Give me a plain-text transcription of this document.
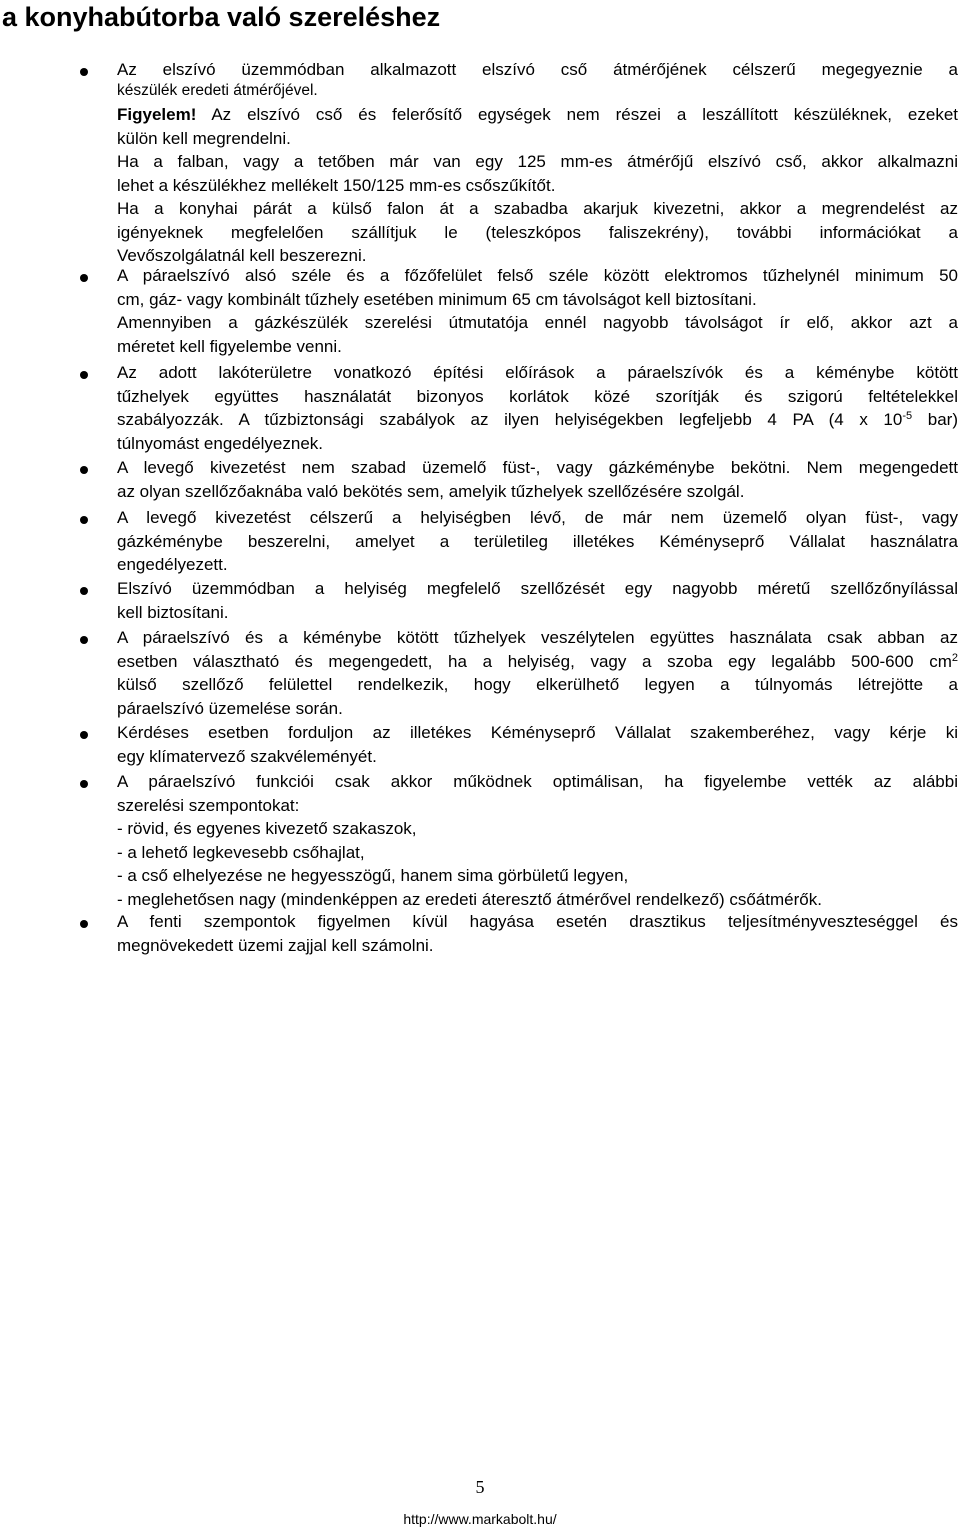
a konyhabútorba való szereléshez
Az elszívó üzemmódban alkalmazott elszívó cső átmérőjének célszerű megegyeznie a
készülék eredeti átmérőjével.
Figyelem! Az elszívó cső és felerősítő egységek nem részei a leszállított készüléknek, ezeket
külön kell megrendelni.
Ha a falban, vagy a tetőben már van egy 125 mm-es átmérőjű elszívó cső, akkor alkalmazni
lehet a készülékhez mellékelt 150/125 mm-es csőszűkítőt.
Ha a konyhai párát a külső falon át a szabadba akarjuk kivezetni, akkor a megrendelést az
igényeknek megfelelően szállítjuk le (teleszkópos faliszekrény), további információkat a
Vevőszolgálatnál kell beszerezni.
A páraelszívó alsó széle és a főzőfelület felső széle között elektromos tűzhelynél minimum 50
cm, gáz- vagy kombinált tűzhely esetében minimum 65 cm távolságot kell biztosítani.
Amennyiben a gázkészülék szerelési útmutatója ennél nagyobb távolságot ír elő, akkor azt a
méretet kell figyelembe venni.
Az adott lakóterületre vonatkozó építési előírások a páraelszívók és a kéménybe kötött
tűzhelyek együttes használatát bizonyos korlátok közé szorítják és szigorú feltételekkel
szabályozzák. A tűzbiztonsági szabályok az ilyen helyiségekben legfeljebb 4 PA (4 x $10^{-5}$ bar)
túlnyomást engedélyeznek.
A levegő kivezetést nem szabad üzemelő füst-, vagy gázkéménybe bekötni. Nem megengedett
az olyan szellőzőaknába való bekötés sem, amelyik tűzhelyek szellőzésére szolgál.
A levegő kivezetést célszerű a helyiségben lévő, de már nem üzemelő olyan füst-, vagy
gázkéménybe beszerelni, amelyet a területileg illetékes Kéményseprő Vállalat használatra
engedélyezett.
Elszívó üzemmódban a helyiség megfelelő szellőzését egy nagyobb méretű szellőzőnyílással
kell biztosítani.
A páraelszívó és a kéménybe kötött tűzhelyek veszélytelen együttes használata csak abban az
esetben választható és megengedett, ha a helyiség, vagy a szoba egy legalább 500-600 $cm^2$
külső szellőző felülettel rendelkezik, hogy elkerülhető legyen a túlnyomás létrejötte a
páraelszívó üzemelése során.
Kérdéses esetben forduljon az illetékes Kéményseprő Vállalat szakemberéhez, vagy kérje ki
egy klímatervező szakvéleményét.
A páraelszívó funkciói csak akkor működnek optimálisan, ha figyelembe vették az alábbi
szerelési szempontokat:
- rövid, és egyenes kivezető szakaszok,
- a lehető legkevesebb csőhajlat,
- a cső elhelyezése ne hegyesszögű, hanem sima görbületű legyen,
- meglehetősen nagy (mindenképpen az eredeti áteresztő átmérővel rendelkező) csőátmérők.
A fenti szempontok figyelmen kívül hagyása esetén drasztikus teljesítményveszteséggel és
megnövekedett üzemi zajjal kell számolni.
5
http://www.markabolt.hu/
